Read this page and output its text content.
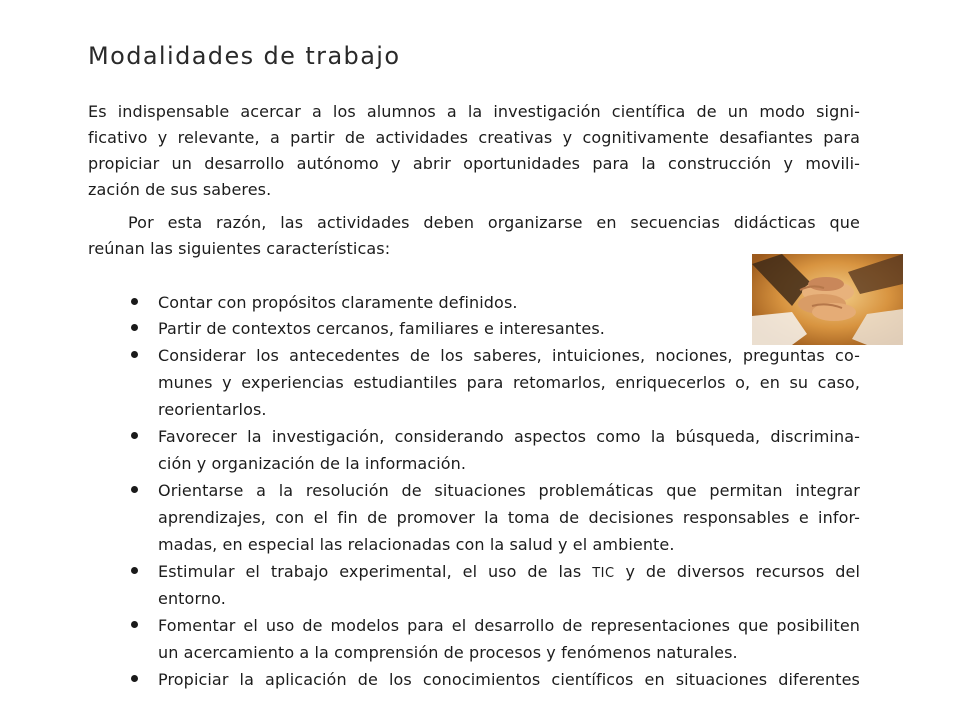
Modalidades de trabajo
Es indispensable acercar a los alumnos a la investigación científica de un modo signi-
ficativo y relevante, a partir de actividades creativas y cognitivamente desafiantes para
propiciar un desarrollo autónomo y abrir oportunidades para la construcción y movili-
zación de sus saberes.
Por esta razón, las actividades deben organizarse en secuencias didácticas que
reúnan las siguientes características:
Contar con propósitos claramente definidos.
Partir de contextos cercanos, familiares e interesantes.
Considerar los antecedentes de los saberes, intuiciones, nociones, preguntas co-
munes y experiencias estudiantiles para retomarlos, enriquecerlos o, en su caso,
reorientarlos.
Favorecer la investigación, considerando aspectos como la búsqueda, discrimina-
ción y organización de la información.
Orientarse a la resolución de situaciones problemáticas que permitan integrar
aprendizajes, con el fin de promover la toma de decisiones responsables e infor-
madas, en especial las relacionadas con la salud y el ambiente.
Estimular el trabajo experimental, el uso de las TIC y de diversos recursos del
entorno.
Fomentar el uso de modelos para el desarrollo de representaciones que posibiliten
un acercamiento a la comprensión de procesos y fenómenos naturales.
Propiciar la aplicación de los conocimientos científicos en situaciones diferentes
